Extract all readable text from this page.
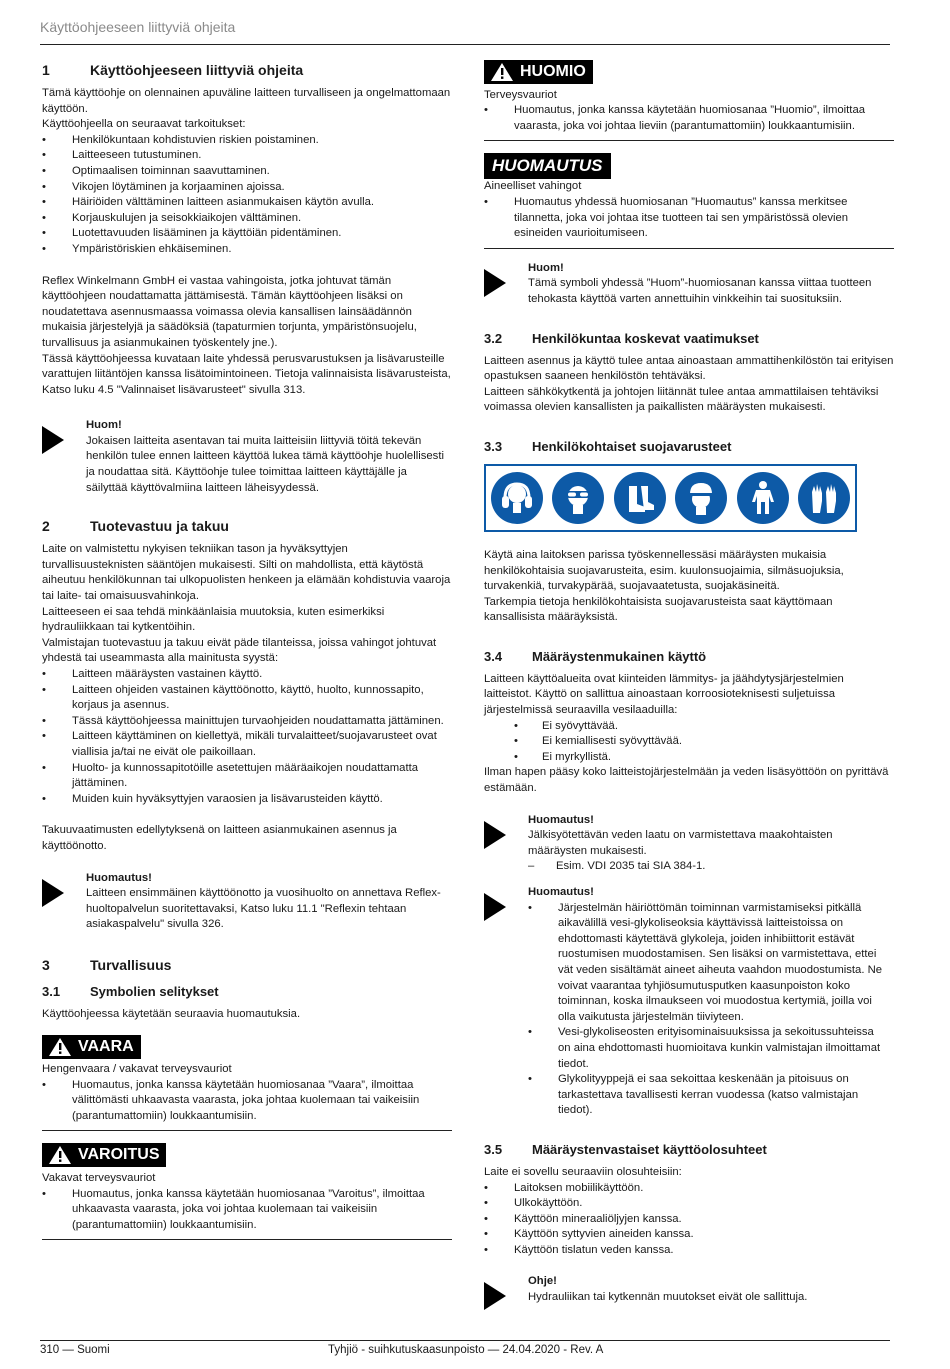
Käyttöohjeeseen liittyviä ohjeita
1	Käyttöohjeeseen liittyviä ohjeita

Tämä käyttöohje on olennainen apuväline laitteen turvalliseen ja ongelmattomaan käyttöön.

Käyttöohjeella on seuraavat tarkoitukset:

• Henkilökuntaan kohdistuvien riskien poistaminen.
• Laitteeseen tutustuminen.
• Optimaalisen toiminnan saavuttaminen.
• Vikojen löytäminen ja korjaaminen ajoissa.
• Häiriöiden välttäminen laitteen asianmukaisen käytön avulla.
• Korjauskulujen ja seisokkiaikojen välttäminen.
• Luotettavuuden lisääminen ja käyttöiän pidentäminen.
• Ympäristöriskien ehkäiseminen.

Reflex Winkelmann GmbH ei vastaa vahingoista, jotka johtuvat tämän käyttöohjeen noudattamatta jättämisestä. Tämän käyttöohjeen lisäksi on noudatettava asennusmaassa voimassa olevia kansallisen lainsäädännön mukaisia järjestelyjä ja säädöksiä (tapaturmien torjunta, ympäristönsuojelu, turvallisuus ja asianmukainen työskentely jne.).

Tässä käyttöohjeessa kuvataan laite yhdessä perusvarustuksen ja lisävarusteille varattujen liitäntöjen kanssa lisätoimintoineen. Tietoja valinnaisista lisävarusteista, Katso luku 4.5 "Valinnaiset lisävarusteet" sivulla 313.

Huom!
Jokaisen laitteita asentavan tai muita laitteisiin liittyviä töitä tekevän henkilön tulee ennen laitteen käyttöä lukea tämä käyttöohje huolellisesti ja noudattaa sitä. Käyttöohje tulee toimittaa laitteen käyttäjälle ja säilyttää käyttövalmiina laitteen läheisyydessä.
2	Tuotevastuu ja takuu

Laite on valmistettu nykyisen tekniikan tason ja hyväksyttyjen turvallisuusteknisten sääntöjen mukaisesti. Silti on mahdollista, että käytöstä aiheutuu henkilökunnan tai ulkopuolisten henkeen ja elämään kohdistuvia vaaroja tai laite- tai omaisuusvahinkoja.

Laitteeseen ei saa tehdä minkäänlaisia muutoksia, kuten esimerkiksi hydrauliikkaan tai kytkentöihin.

Valmistajan tuotevastuu ja takuu eivät päde tilanteissa, joissa vahingot johtuvat yhdestä tai useammasta alla mainitusta syystä:

• Laitteen määräysten vastainen käyttö.
• Laitteen ohjeiden vastainen käyttöönotto, käyttö, huolto, kunnossapito, korjaus ja asennus.
• Tässä käyttöohjeessa mainittujen turvaohjeiden noudattamatta jättäminen.
• Laitteen käyttäminen on kiellettyä, mikäli turvalaitteet/suojavarusteet ovat viallisia ja/tai ne eivät ole paikoillaan.
• Huolto- ja kunnossapitotöille asetettujen määräaikojen noudattamatta jättäminen.
• Muiden kuin hyväksyttyjen varaosien ja lisävarusteiden käyttö.

Takuuvaatimusten edellytyksenä on laitteen asianmukainen asennus ja käyttöönotto.

Huomautus!
Laitteen ensimmäinen käyttöönotto ja vuosihuolto on annettava Reflex-huoltopalvelun suoritettavaksi, Katso luku 11.1 "Reflexin tehtaan asiakaspalvelu" sivulla 326.
3	Turvallisuus
3.1	Symbolien selitykset

Käyttöohjeessa käytetään seuraavia huomautuksia.

VAARA
Hengenvaara / vakavat terveysvauriot
• Huomautus, jonka kanssa käytetään huomiosanaa ”Vaara”, ilmoittaa välittömästi uhkaavasta vaarasta, joka johtaa kuolemaan tai vaikeisiin (parantumattomiin) loukkaantumisiin.
VAROITUS
Vakavat terveysvauriot
• Huomautus, jonka kanssa käytetään huomiosanaa ”Varoitus”, ilmoittaa uhkaavasta vaarasta, joka voi johtaa kuolemaan tai vaikeisiin (parantumattomiin) loukkaantumisiin.
HUOMIO
Terveysvauriot
• Huomautus, jonka kanssa käytetään huomiosanaa ”Huomio”, ilmoittaa vaarasta, joka voi johtaa lieviin (parantumattomiin) loukkaantumisiin.
HUOMAUTUS
Aineelliset vahingot
• Huomautus yhdessä huomiosanan ”Huomautus” kanssa merkitsee tilannetta, joka voi johtaa itse tuotteen tai sen ympäristössä olevien esineiden vaurioitumiseen.
Huom!
Tämä symboli yhdessä ”Huom”-huomiosanan kanssa viittaa tuotteen tehokasta käyttöä varten annettuihin vinkkeihin tai suosituksiin.
3.2	Henkilökuntaa koskevat vaatimukset

Laitteen asennus ja käyttö tulee antaa ainoastaan ammattihenkilöstön tai erityisen opastuksen saaneen henkilöstön tehtäväksi.

Laitteen sähkökytkentä ja johtojen liitännät tulee antaa ammattilaisen tehtäviksi voimassa olevien kansallisten ja paikallisten määräysten mukaisesti.

3.3	Henkilökohtaiset suojavarusteet

Käytä aina laitoksen parissa työskennellessäsi määräysten mukaisia henkilökohtaisia suojavarusteita, esim. kuulonsuojaimia, silmäsuojuksia, turvakenkiä, turvakypärää, suojavaatetusta, suojakäsineitä.

Tarkempia tietoja henkilökohtaisista suojavarusteista saat käyttömaan kansallisista määräyksistä.

3.4	Määräystenmukainen käyttö

Laitteen käyttöalueita ovat kiinteiden lämmitys- ja jäähdytysjärjestelmien laitteistot. Käyttö on sallittua ainoastaan korroosioteknisesti suljetuissa järjestelmissä seuraavilla vesilaaduilla:

• Ei syövyttävää.
• Ei kemiallisesti syövyttävää.
• Ei myrkyllistä.

Ilman hapen pääsy koko laitteistojärjestelmään ja veden lisäsyöttöön on pyrittävä estämään.

Huomautus!
Jälkisyötettävän veden laatu on varmistettava maakohtaisten määräysten mukaisesti.
–	Esim. VDI 2035 tai SIA 384-1.
Huomautus!
• Järjestelmän häiriöttömän toiminnan varmistamiseksi pitkällä aikavälillä vesi-glykoliseoksia käyttävissä laitteistoissa on ehdottomasti käytettävä glykoleja, joiden inhibiittorit estävät ruostumisen muodostamisen. Sen lisäksi on varmistettava, ettei vät veden sisältämät aineet aiheuta vaahdon muodostumista. Ne voivat vaarantaa tyhjiösumutusputken kaasunpoiston koko toiminnan, koska ilmaukseen voi muodostua kertymiä, joilla voi olla vaikutusta järjestelmän tiiviyteen.
• Vesi-glykoliseosten erityisominaisuuksissa ja sekoitussuhteissa on aina ehdottomasti huomioitava kunkin valmistajan ilmoittamat tiedot.
• Glykolityyppejä ei saa sekoittaa keskenään ja pitoisuus on tarkastettava tavallisesti kerran vuodessa (katso valmistajan tiedot).
3.5	Määräystenvastaiset käyttöolosuhteet

Laite ei sovellu seuraaviin olosuhteisiin:

• Laitoksen mobiilikäyttöön.
• Ulkokäyttöön.
• Käyttöön mineraaliöljyjen kanssa.
• Käyttöön syttyvien aineiden kanssa.
• Käyttöön tislatun veden kanssa.
Ohje!
Hydrauliikan tai kytkennän muutokset eivät ole sallittuja.
310 — Suomi	Tyhjiö - suihkutuskaasunpoisto — 24.04.2020 - Rev. A
